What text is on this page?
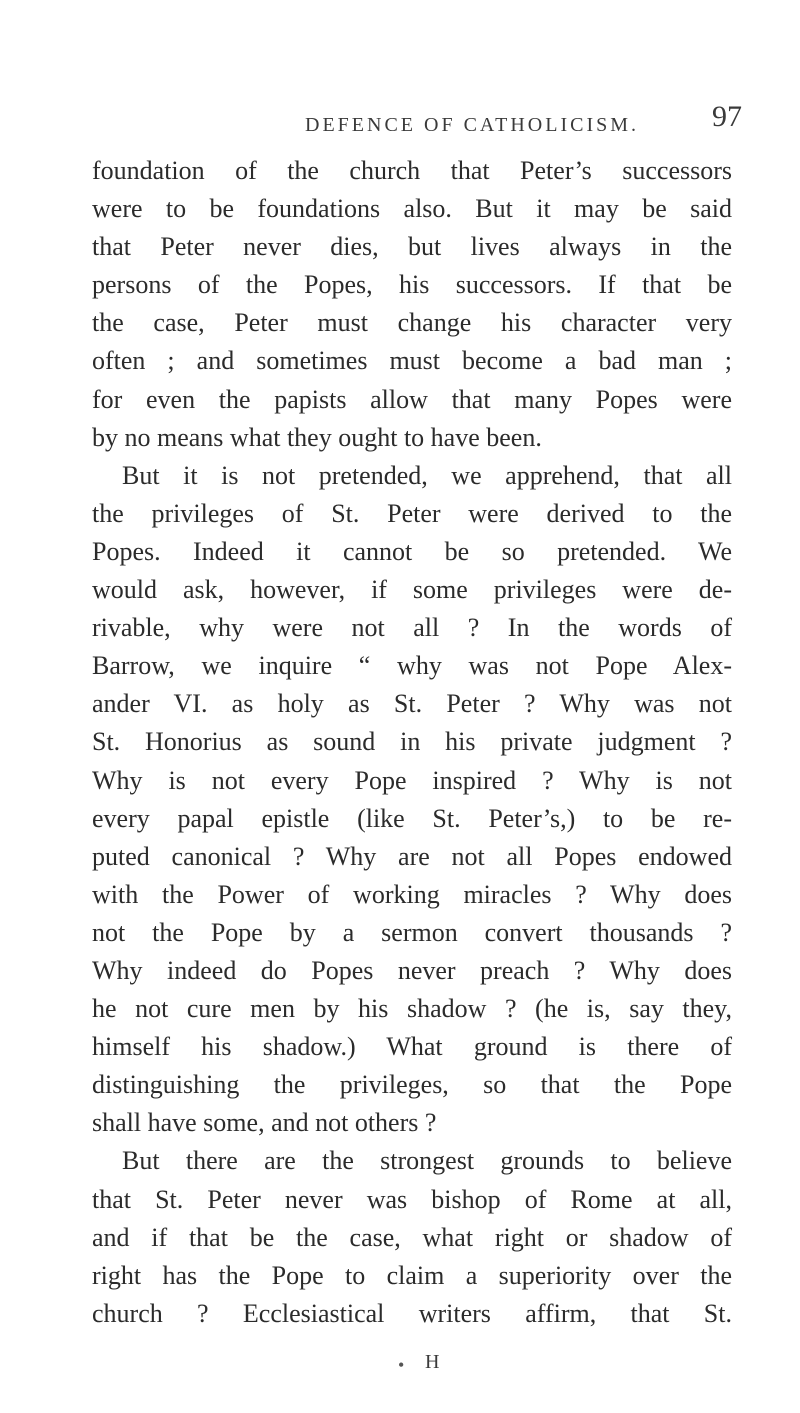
DEFENCE OF CATHOLICISM. 97
foundation of the church that Peter’s successors
were to be foundations also. But it may be said
that Peter never dies, but lives always in the
persons of the Popes, his successors. If that be
the case, Peter must change his character very
often ; and sometimes must become a bad man ;
for even the papists allow that many Popes were
by no means what they ought to have been.
But it is not pretended, we apprehend, that all
the privileges of St. Peter were derived to the
Popes. Indeed it cannot be so pretended. We
would ask, however, if some privileges were de-
rivable, why were not all ? In the words of
Barrow, we inquire “ why was not Pope Alex-
ander VI. as holy as St. Peter ? Why was not
St. Honorius as sound in his private judgment ?
Why is not every Pope inspired ? Why is not
every papal epistle (like St. Peter’s,) to be re-
puted canonical ? Why are not all Popes endowed
with the Power of working miracles ? Why does
not the Pope by a sermon convert thousands ?
Why indeed do Popes never preach ? Why does
he not cure men by his shadow ? (he is, say they,
himself his shadow.) What ground is there of
distinguishing the privileges, so that the Pope
shall have some, and not others ?
But there are the strongest grounds to believe
that St. Peter never was bishop of Rome at all,
and if that be the case, what right or shadow of
right has the Pope to claim a superiority over the
church ? Ecclesiastical writers affirm, that St.
• H
